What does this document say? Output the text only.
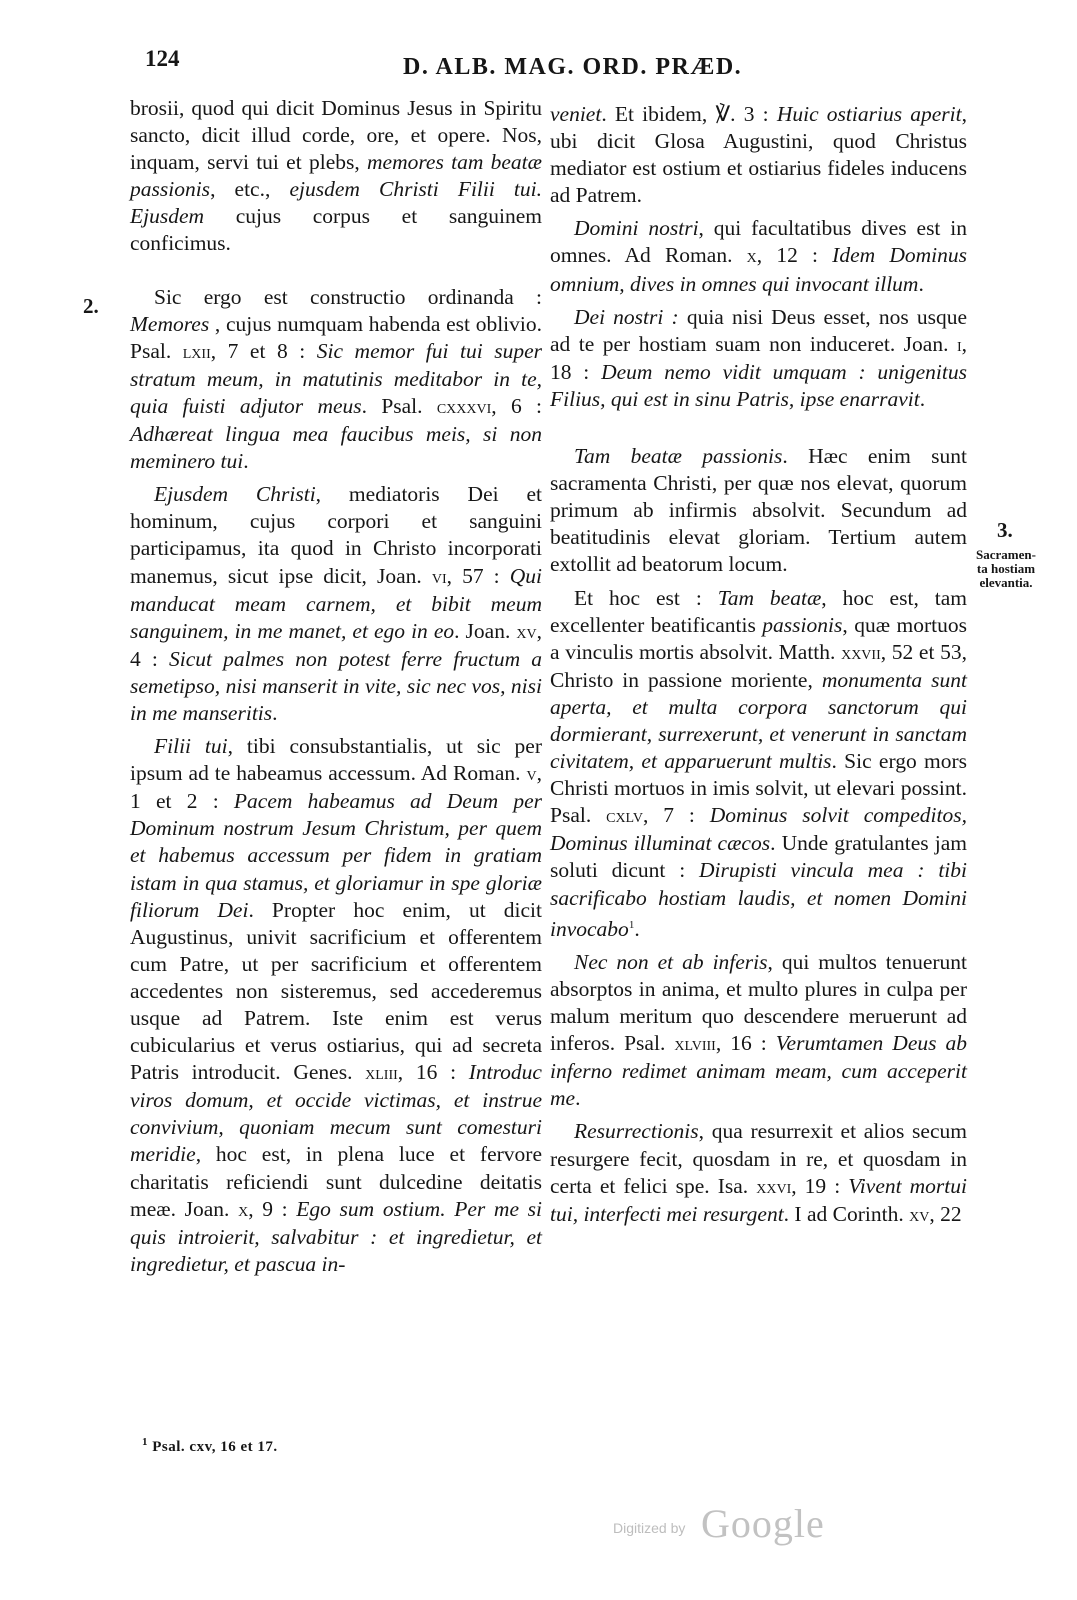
124	D. ALB. MAG. ORD. PRÆD.
2.
3.
Sacramen-
ta hostiam
elevantia.

brosii, quod qui dicit Dominus Jesus in Spiritu sancto, dicit illud corde, ore, et opere. Nos, inquam, servi tui et plebs, memores tam beatæ passionis, etc., ejusdem Christi Filii tui. Ejusdem cujus corpus et sanguinem conficimus.

Sic ergo est constructio ordinanda : Memores , cujus numquam habenda est oblivio. Psal. lxii, 7 et 8 : Sic memor fui tui super stratum meum, in matutinis meditabor in te, quia fuisti adjutor meus. Psal. cxxxvi, 6 : Adhæreat lingua mea faucibus meis, si non meminero tui.

Ejusdem Christi, mediatoris Dei et hominum, cujus corpori et sanguini participamus, ita quod in Christo incorporati manemus, sicut ipse dicit, Joan. vi, 57 : Qui manducat meam carnem, et bibit meum sanguinem, in me manet, et ego in eo. Joan. xv, 4 : Sicut palmes non potest ferre fructum a semetipso, nisi manserit in vite, sic nec vos, nisi in me manseritis.

Filii tui, tibi consubstantialis, ut sic per ipsum ad te habeamus accessum. Ad Roman. v, 1 et 2 : Pacem habeamus ad Deum per Dominum nostrum Jesum Christum, per quem et habemus accessum per fidem in gratiam istam in qua stamus, et gloriamur in spe gloriæ filiorum Dei. Propter hoc enim, ut dicit Augustinus, univit sacrificium et offerentem cum Patre, ut per sacrificium et offerentem accedentes non sisteremus, sed accederemus usque ad Patrem. Iste enim est verus cubicularius et verus ostiarius, qui ad secreta Patris introducit. Genes. xliii, 16 : Introduc viros domum, et occide victimas, et instrue convivium, quoniam mecum sunt comesturi meridie, hoc est, in plena luce et fervore charitatis reficiendi sunt dulcedine deitatis meæ. Joan. x, 9 : Ego sum ostium. Per me si quis introierit, salvabitur : et ingredietur, et ingredietur, et pascua in-

veniet. Et ibidem, ℣. 3 : Huic ostiarius aperit, ubi dicit Glosa Augustini, quod Christus mediator est ostium et ostiarius fideles inducens ad Patrem.

Domini nostri, qui facultatibus dives est in omnes. Ad Roman. x, 12 : Idem Dominus omnium, dives in omnes qui invocant illum.

Dei nostri : quia nisi Deus esset, nos usque ad te per hostiam suam non induceret. Joan. i, 18 : Deum nemo vidit umquam : unigenitus Filius, qui est in sinu Patris, ipse enarravit.

Tam beatæ passionis. Hæc enim sunt sacramenta Christi, per quæ nos elevat, quorum primum ab infirmis absolvit. Secundum ad beatitudinis elevat gloriam. Tertium autem extollit ad beatorum locum.

Et hoc est : Tam beatæ, hoc est, tam excellenter beatificantis passionis, quæ mortuos a vinculis mortis absolvit. Matth. xxvii, 52 et 53, Christo in passione moriente, monumenta sunt aperta, et multa corpora sanctorum qui dormierant, surrexerunt, et venerunt in sanctam civitatem, et apparuerunt multis. Sic ergo mors Christi mortuos in imis solvit, ut elevari possint. Psal. cxlv, 7 : Dominus solvit compeditos, Dominus illuminat cæcos. Unde gratulantes jam soluti dicunt : Dirupisti vincula mea : tibi sacrificabo hostiam laudis, et nomen Domini invocabo$^1$.

Nec non et ab inferis, qui multos tenuerunt absorptos in anima, et multo plures in culpa per malum meritum quo descendere meruerunt ad inferos. Psal. xlviii, 16 : Verumtamen Deus ab inferno redimet animam meam, cum acceperit me.

Resurrectionis, qua resurrexit et alios secum resurgere fecit, quosdam in re, et quosdam in certa et felici spe. Isa. xxvi, 19 : Vivent mortui tui, interfecti mei resurgent. I ad Corinth. xv, 22

$^1$ Psal. cxv, 16 et 17.
Digitized by Google
